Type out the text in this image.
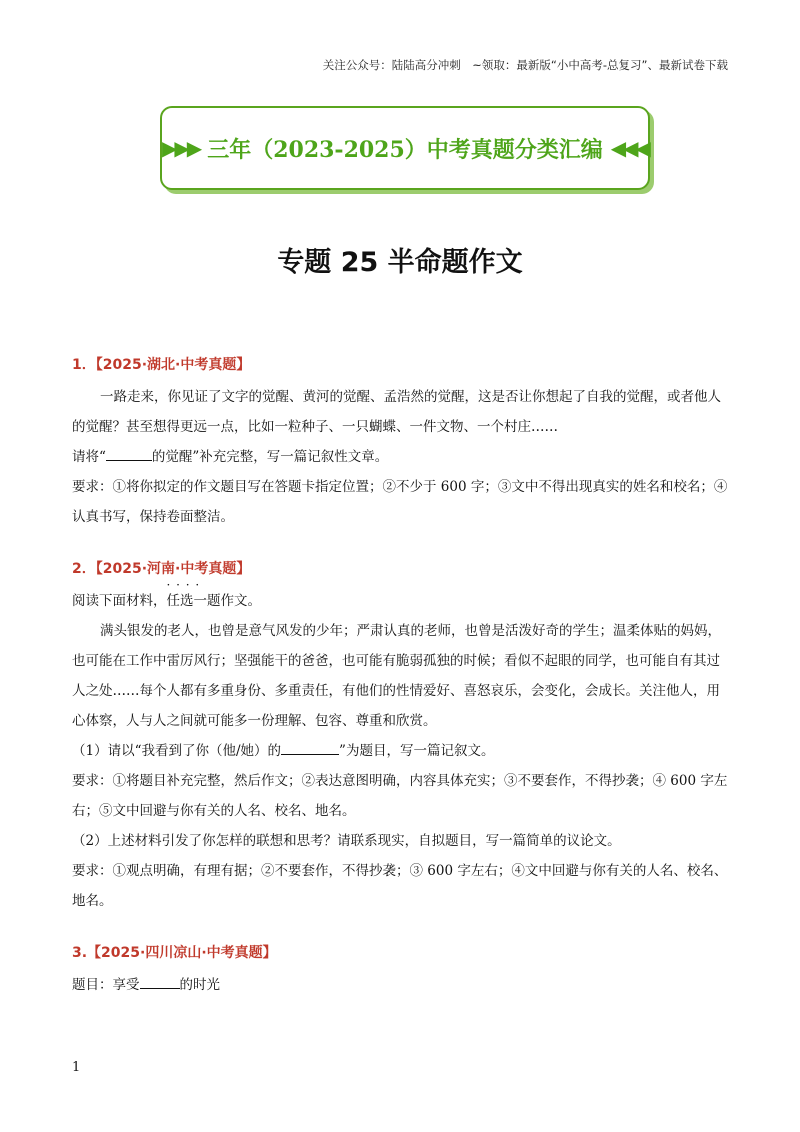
关注公众号：陆陆高分冲刺　~领取：最新版“小中高考-总复习”、最新试卷下载
▶▶▶ 三年（2023-2025）中考真题分类汇编 ◀◀◀
专题 25 半命题作文

1．【2025·湖北·中考真题】

一路走来，你见证了文字的觉醒、黄河的觉醒、孟浩然的觉醒，这是否让你想起了自我的觉醒，或者他人的觉醒？甚至想得更远一点，比如一粒种子、一只蝴蝶、一件文物、一个村庄……

请将“	的觉醒”补充完整，写一篇记叙性文章。

要求：①将你拟定的作文题目写在答题卡指定位置；②不少于 600 字；③文中不得出现真实的姓名和校名；④认真书写，保持卷面整洁。

2．【2025·河南·中考真题】

阅读下面材料，· · 任选一题作文。

满头银发的老人，也曾是意气风发的少年；严肃认真的老师，也曾是活泼好奇的学生；温柔体贴的妈妈，也可能在工作中雷厉风行；坚强能干的爸爸，也可能有脆弱孤独的时候；看似不起眼的同学，也可能自有其过人之处……每个人都有多重身份、多重责任，有他们的性情爱好、喜怒哀乐，会变化，会成长。关注他人，用心体察，人与人之间就可能多一份理解、包容、尊重和欣赏。

（1）请以“我看到了你（他/她）的	”为题目，写一篇记叙文。

要求：①将题目补充完整，然后作文；②表达意图明确，内容具体充实；③不要套作，不得抄袭；④ 600 字左右；⑤文中回避与你有关的人名、校名、地名。

（2）上述材料引发了你怎样的联想和思考？请联系现实，自拟题目，写一篇简单的议论文。

要求：①观点明确，有理有据；②不要套作，不得抄袭；③ 600 字左右；④文中回避与你有关的人名、校名、地名。

3.【2025·四川凉山·中考真题】

题目：享受	的时光

1
